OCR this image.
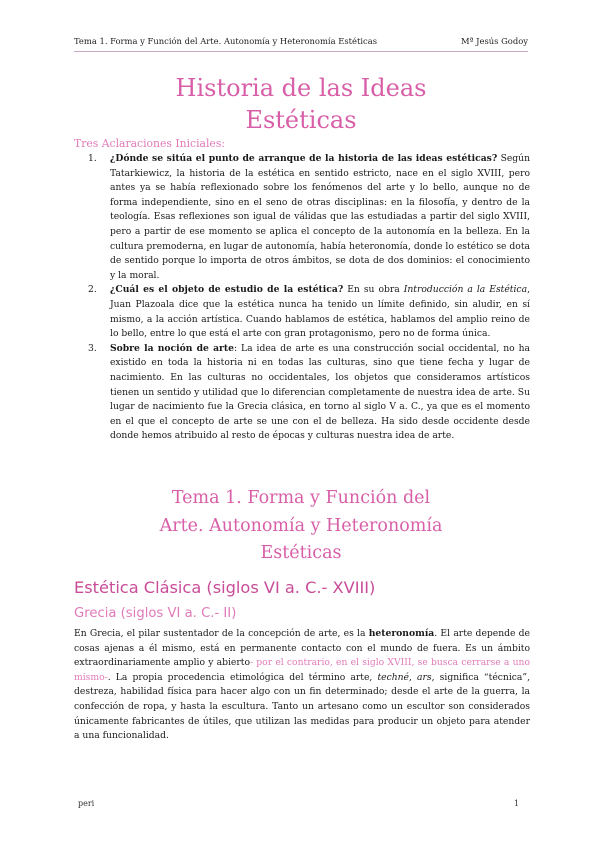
Tema 1. Forma y Función del Arte. Autonomía y Heteronomía Estéticas	Mª Jesús Godoy
Historia de las Ideas
Estéticas
Tres Aclaraciones Iniciales:
1. ¿Dónde se sitúa el punto de arranque de la historia de las ideas estéticas? Según Tatarkiewicz, la historia de la estética en sentido estricto, nace en el siglo XVIII, pero antes ya se había reflexionado sobre los fenómenos del arte y lo bello, aunque no de forma independiente, sino en el seno de otras disciplinas: en la filosofía, y dentro de la teología. Esas reflexiones son igual de válidas que las estudiadas a partir del siglo XVIII, pero a partir de ese momento se aplica el concepto de la autonomía en la belleza. En la cultura premoderna, en lugar de autonomía, había heteronomía, donde lo estético se dota de sentido porque lo importa de otros ámbitos, se dota de dos dominios: el conocimiento y la moral.

2. ¿Cuál es el objeto de estudio de la estética? En su obra Introducción a la Estética, Juan Plazoala dice que la estética nunca ha tenido un límite definido, sin aludir, en sí mismo, a la acción artística. Cuando hablamos de estética, hablamos del amplio reino de lo bello, entre lo que está el arte con gran protagonismo, pero no de forma única.

3. Sobre la noción de arte: La idea de arte es una construcción social occidental, no ha existido en toda la historia ni en todas las culturas, sino que tiene fecha y lugar de nacimiento. En las culturas no occidentales, los objetos que consideramos artísticos tienen un sentido y utilidad que lo diferencian completamente de nuestra idea de arte. Su lugar de nacimiento fue la Grecia clásica, en torno al siglo V a. C., ya que es el momento en el que el concepto de arte se une con el de belleza. Ha sido desde occidente desde donde hemos atribuido al resto de épocas y culturas nuestra idea de arte.

Tema 1. Forma y Función del
Arte. Autonomía y Heteronomía
Estéticas
Estética Clásica (siglos VI a. C.- XVIII)
Grecia (siglos VI a. C.- II)

En Grecia, el pilar sustentador de la concepción de arte, es la heteronomía. El arte depende de cosas ajenas a él mismo, está en permanente contacto con el mundo de fuera. Es un ámbito extraordinariamente amplio y abierto- por el contrario, en el siglo XVIII, se busca cerrarse a uno mismo-. La propia procedencia etimológica del término arte, techné, ars, significa “técnica”, destreza, habilidad física para hacer algo con un fin determinado; desde el arte de la guerra, la confección de ropa, y hasta la escultura. Tanto un artesano como un escultor son considerados únicamente fabricantes de útiles, que utilizan las medidas para producir un objeto para atender a una funcionalidad.

peri	1
